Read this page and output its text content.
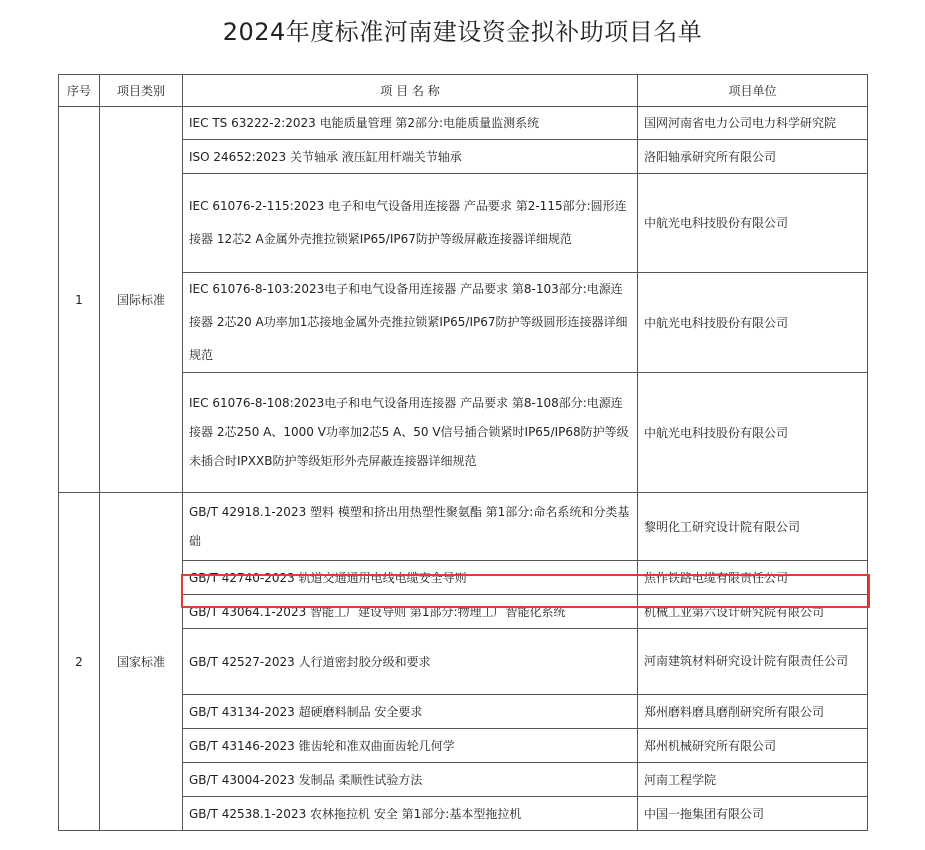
2024年度标准河南建设资金拟补助项目名单
序号	项目类别	项 目 名 称	项目单位
1	国际标准	IEC TS 63222-2:2023 电能质量管理 第2部分:电能质量监测系统	国网河南省电力公司电力科学研究院
		ISO 24652:2023 关节轴承 液压缸用杆端关节轴承	洛阳轴承研究所有限公司
		IEC 61076-2-115:2023 电子和电气设备用连接器 产品要求 第2-115部分:圆形连接器 12芯2 A金属外壳推拉锁紧IP65/IP67防护等级屏蔽连接器详细规范	中航光电科技股份有限公司
		IEC 61076-8-103:2023电子和电气设备用连接器 产品要求 第8-103部分:电源连接器 2芯20 A功率加1芯接地金属外壳推拉锁紧IP65/IP67防护等级圆形连接器详细规范	中航光电科技股份有限公司
		IEC 61076-8-108:2023电子和电气设备用连接器 产品要求 第8-108部分:电源连接器 2芯250 A、1000 V功率加2芯5 A、50 V信号插合锁紧时IP65/IP68防护等级未插合时IPXXB防护等级矩形外壳屏蔽连接器详细规范	中航光电科技股份有限公司
2	国家标准	GB/T 42918.1-2023 塑料 模塑和挤出用热塑性聚氨酯 第1部分:命名系统和分类基础	黎明化工研究设计院有限公司
		GB/T 42740-2023 轨道交通通用电线电缆安全导则	焦作铁路电缆有限责任公司
		GB/T 43064.1-2023 智能工厂建设导则 第1部分:物理工厂智能化系统	机械工业第六设计研究院有限公司
		GB/T 42527-2023 人行道密封胶分级和要求	河南建筑材料研究设计院有限责任公司
		GB/T 43134-2023 超硬磨料制品 安全要求	郑州磨料磨具磨削研究所有限公司
		GB/T 43146-2023 锥齿轮和准双曲面齿轮几何学	郑州机械研究所有限公司
		GB/T 43004-2023 发制品 柔顺性试验方法	河南工程学院
		GB/T 42538.1-2023 农林拖拉机 安全 第1部分:基本型拖拉机	中国一拖集团有限公司
